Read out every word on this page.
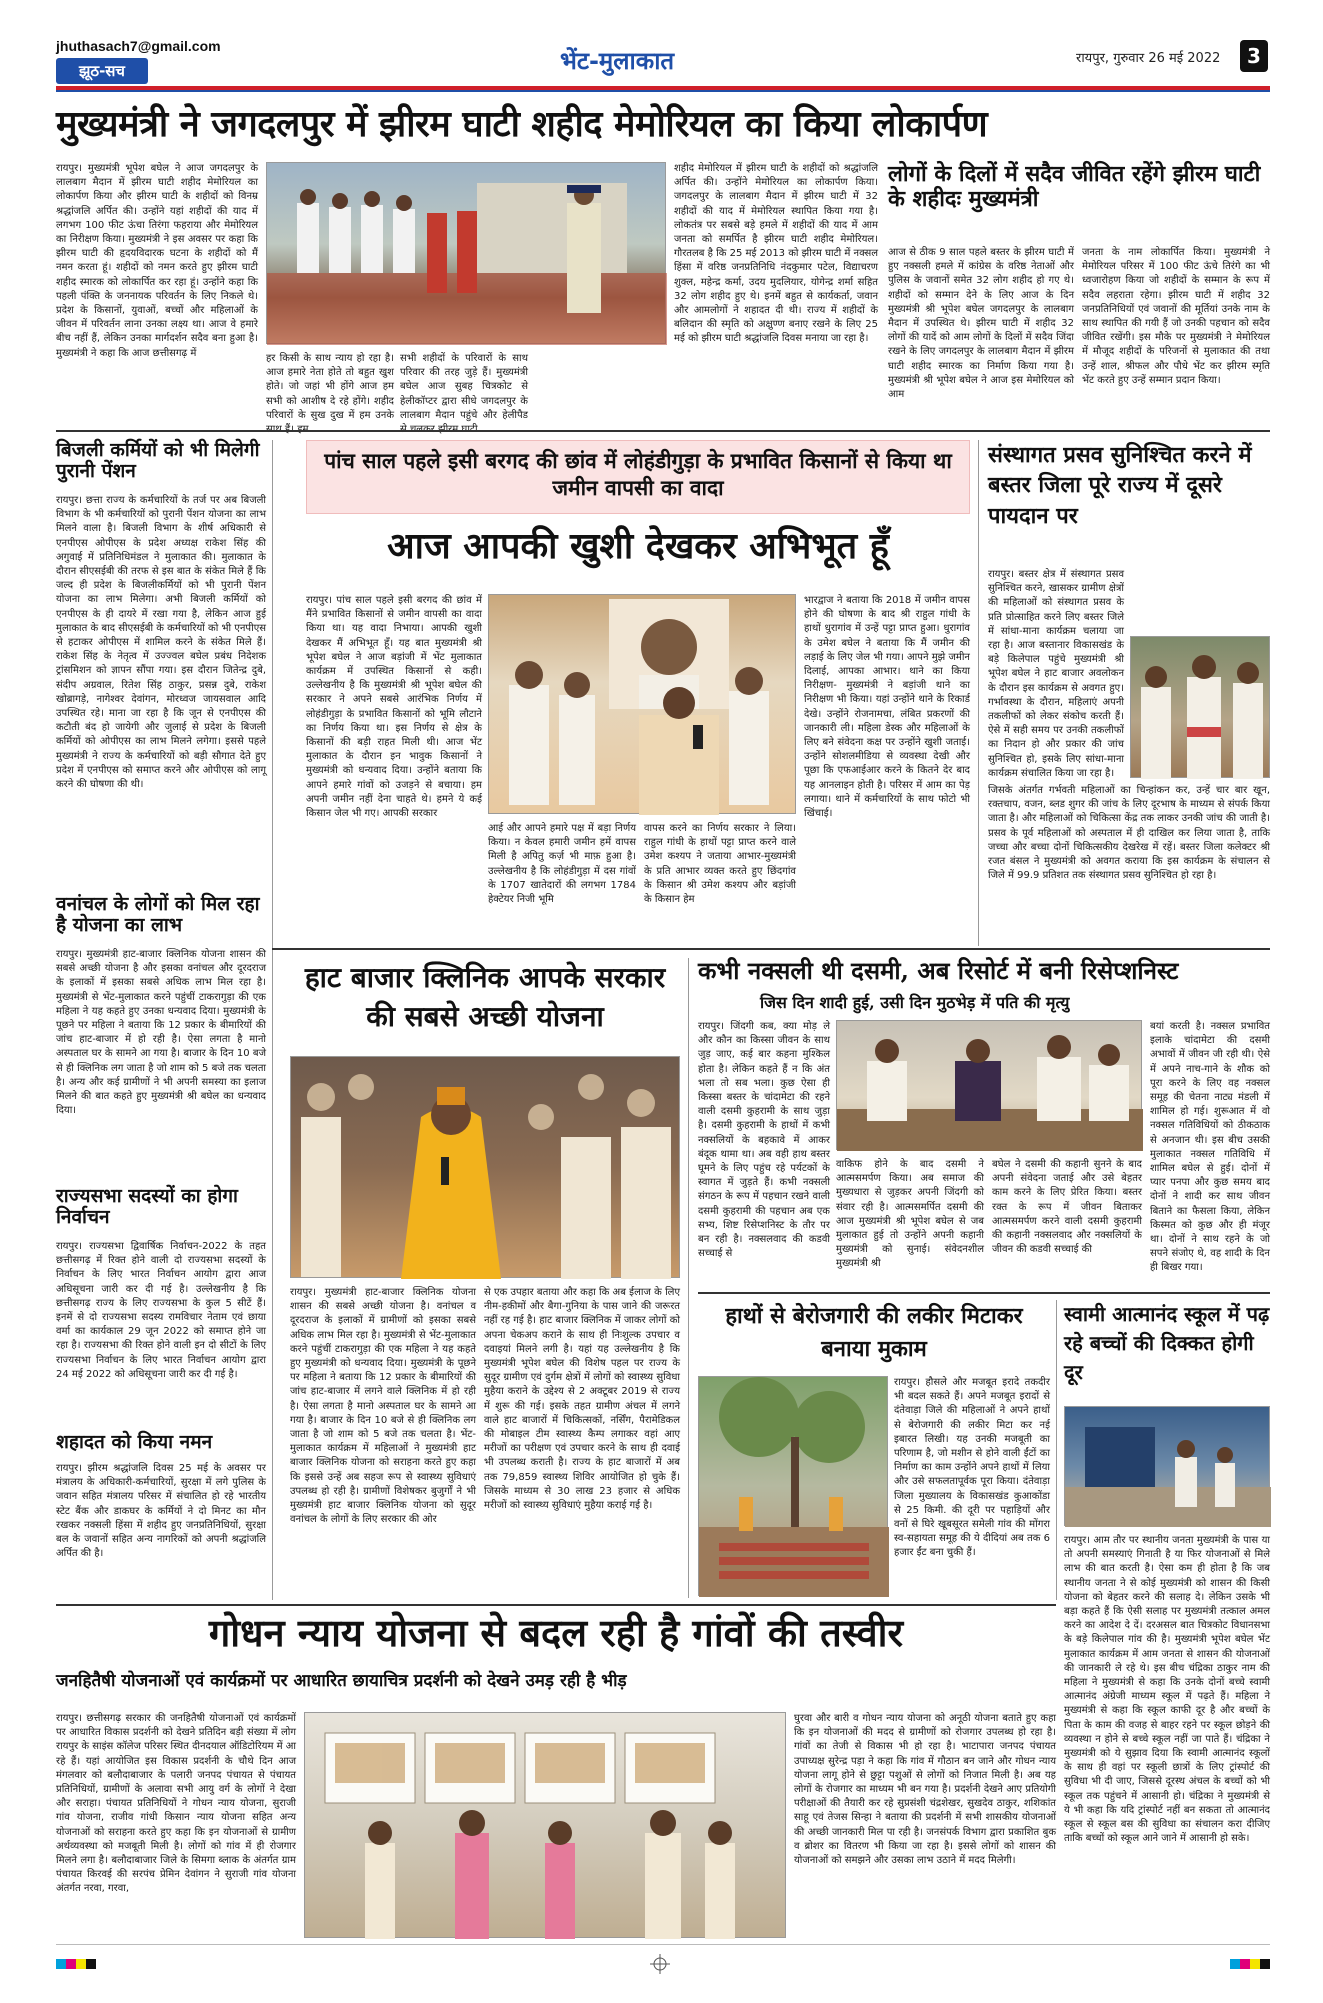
jhuthasach7@gmail.com
झूठ-सच	भेंट-मुलाकात	रायपुर, गुरुवार 26 मई 2022	3
मुख्यमंत्री ने जगदलपुर में झीरम घाटी शहीद मेमोरियल का किया लोकार्पण
रायपुर। मुख्यमंत्री भूपेश बघेल ने आज जगदलपुर के लालबाग मैदान में झीरम घाटी शहीद मेमोरियल का लोकार्पण किया और झीरम घाटी के शहीदों को विनम्र श्रद्धांजलि अर्पित की। उन्होंने यहां शहीदों की याद में लगभग 100 फीट ऊंचा तिरंगा फहराया और मेमोरियल का निरीक्षण किया। मुख्यमंत्री ने इस अवसर पर कहा कि झीरम घाटी की हृदयविदारक घटना के शहीदों को मैं नमन करता हूं। शहीदों को नमन करते हुए झीरम घाटी शहीद स्मारक को लोकार्पित कर रहा हूं। उन्होंने कहा कि पहली पंक्ति के जननायक परिवर्तन के लिए निकले थे। प्रदेश के किसानों, युवाओं, बच्चों और महिलाओं के जीवन में परिवर्तन लाना उनका लक्ष्य था। आज वे हमारे बीच नहीं हैं, लेकिन उनका मार्गदर्शन सदैव बना हुआ है। मुख्यमंत्री ने कहा कि आज छत्तीसगढ़ में	हर किसी के साथ न्याय हो रहा है। आज हमारे नेता होते तो बहुत खुश होते। जो जहां भी होंगे आज हम सभी को आशीष दे रहे होंगे। शहीद परिवारों के सुख दुख में हम उनके
सभी शहीदों के परिवारों के साथ परिवार की तरह जुड़े हैं। मुख्यमंत्री बघेल आज सुबह चित्रकोट से हेलीकॉप्टर द्वारा सीधे जगदलपुर के लालबाग मैदान पहुंचे और हेलीपैड
शहीद मेमोरियल में झीरम घाटी के शहीदों को श्रद्धांजलि अर्पित की। उन्होंने मेमोरियल का लोकार्पण किया। जगदलपुर के लालबाग मैदान में झीरम घाटी में 32 शहीदों की याद में मेमोरियल स्थापित किया गया है। लोकतंत्र पर सबसे बड़े हमले में शहीदों की याद में आम जनता को समर्पित है झीरम घाटी शहीद मेमोरियल। गौरतलब है कि 25 मई 2013 को झीरम घाटी में नक्सल हिंसा में वरिष्ठ जनप्रतिनिधि नंदकुमार पटेल, विद्याचरण शुक्ल, महेन्द्र कर्मा, उदय मुदलियार, योगेन्द्र शर्मा सहित 32 लोग शहीद हुए थे। इनमें बहुत से कार्यकर्ता, जवान और आमलोगों ने शहादत दी थी। राज्य में शहीदों के बलिदान की स्मृति को अक्षुण्ण बनाए रखने के लिए 25 मई को झीरम घाटी श्रद्धांजलि दिवस मनाया जा रहा है।
लोगों के दिलों में सदैव जीवित रहेंगे झीरम घाटी के शहीदः मुख्यमंत्री
आज से ठीक 9 साल पहले बस्तर के झीरम घाटी में हुए नक्सली हमले में कांग्रेस के वरिष्ठ नेताओं और पुलिस के जवानों समेत 32 लोग शहीद हो गए थे। शहीदों को सम्मान देने के लिए आज के दिन मुख्यमंत्री श्री भूपेश बघेल जगदलपुर के लालबाग मैदान में उपस्थित थे। झीरम घाटी में शहीद 32 लोगों की यादें को आम लोगों के दिलों में सदैव जिंदा रखने के लिए जगदलपुर के लालबाग मैदान में झीरम घाटी शहीद स्मारक का निर्माण किया गया है। मुख्यमंत्री श्री भूपेश बघेल ने आज इस मेमोरियल को आम
जनता के नाम लोकार्पित किया। मुख्यमंत्री ने मेमोरियल परिसर में 100 फीट ऊंचे तिरंगे का भी ध्वजारोहण किया जो शहीदों के सम्मान के रूप में सदैव लहराता रहेगा। झीरम घाटी में शहीद 32 जनप्रतिनिधियों एवं जवानों की मूर्तियां उनके नाम के साथ स्थापित की गयी हैं जो उनकी पहचान को सदैव जीवित रखेंगी। इस मौके पर मुख्यमंत्री ने मेमोरियल में मौजूद शहीदों के परिजनों से मुलाकात की तथा उन्हें शाल, श्रीफल और पौधे भेंट कर झीरम स्मृति भेंट करते हुए उन्हें सम्मान प्रदान किया।
बिजली कर्मियों को भी मिलेगी पुरानी पेंशन
रायपुर। छत्ता राज्य के कर्मचारियों के तर्ज पर अब बिजली विभाग के भी कर्मचारियों को पुरानी पेंशन योजना का लाभ मिलने वाला है। बिजली विभाग के शीर्ष अधिकारी से एनपीएस ओपीएस के प्रदेश अध्यक्ष राकेश सिंह की अगुवाई में प्रतिनिधिमंडल ने मुलाकात की। मुलाकात के दौरान सीएसईबी की तरफ से इस बात के संकेत मिले हैं कि जल्द ही प्रदेश के बिजलीकर्मियों को भी पुरानी पेंशन योजना का लाभ मिलेगा। अभी बिजली कर्मियों को एनपीएस के ही दायरे में रखा गया है, लेकिन आज हुई मुलाकात के बाद सीएसईबी के कर्मचारियों को भी एनपीएस से हटाकर ओपीएस में शामिल करने के संकेत मिले हैं। राकेश सिंह के नेतृत्व में उज्ज्वल बघेल प्रबंध निदेशक ट्रांसमिशन को ज्ञापन सौंपा गया। इस दौरान जितेन्द्र दुबे, संदीप अग्रवाल, रितेश सिंह ठाकुर, प्रसन्न दुबे, राकेश खोब्रागड़े, नागेश्वर देवांगन, मोरध्वज जायसवाल आदि उपस्थित रहे। माना जा रहा है कि जून से एनपीएस की कटौती बंद हो जायेगी और जुलाई से प्रदेश के बिजली कर्मियों को ओपीएस का लाभ मिलने लगेगा। इससे पहले मुख्यमंत्री ने राज्य के कर्मचारियों को बड़ी सौगात देते हुए प्रदेश में एनपीएस को समाप्त करने और ओपीएस को लागू करने की घोषणा की थी।
वनांचल के लोगों को मिल रहा है योजना का लाभ
रायपुर। मुख्यमंत्री हाट-बाजार क्लिनिक योजना शासन की सबसे अच्छी योजना है और इसका वनांचल और दूरदराज के इलाकों में इसका सबसे अधिक लाभ मिल रहा है। मुख्यमंत्री से भेंट-मुलाकात करने पहुंचीं टाकरागुड़ा की एक महिला ने यह कहते हुए उनका धन्यवाद दिया। मुख्यमंत्री के पूछने पर महिला ने बताया कि 12 प्रकार के बीमारियों की जांच हाट-बाजार में हो रही है। ऐसा लगता है मानो अस्पताल घर के सामने आ गया है। बाजार के दिन 10 बजे से ही क्लिनिक लग जाता है जो शाम को 5 बजे तक चलता है। अन्य और कई ग्रामीणों ने भी अपनी समस्या का इलाज मिलने की बात कहते हुए मुख्यमंत्री श्री बघेल का धन्यवाद दिया।
राज्यसभा सदस्यों का होगा निर्वाचन
रायपुर। राज्यसभा द्विवार्षिक निर्वाचन-2022 के तहत छत्तीसगढ़ में रिक्त होने वाली दो राज्यसभा सदस्यों के निर्वाचन के लिए भारत निर्वाचन आयोग द्वारा आज अधिसूचना जारी कर दी गई है। उल्लेखनीय है कि छत्तीसगढ़ राज्य के लिए राज्यसभा के कुल 5 सीटें हैं। इनमें से दो राज्यसभा सदस्य रामविचार नेताम एवं छाया वर्मा का कार्यकाल 29 जून 2022 को समाप्त होने जा रहा है। राज्यसभा की रिक्त होने वाली इन दो सीटों के लिए राज्यसभा निर्वाचन के लिए भारत निर्वाचन आयोग द्वारा 24 मई 2022 को अधिसूचना जारी कर दी गई है।
शहादत को किया नमन
रायपुर। झीरम श्रद्धांजलि दिवस 25 मई के अवसर पर मंत्रालय के अधिकारी-कर्मचारियों, सुरक्षा में लगे पुलिस के जवान सहित मंत्रालय परिसर में संचालित हो रहे भारतीय स्टेट बैंक और डाकघर के कर्मियों ने दो मिनट का मौन रखकर नक्सली हिंसा में शहीद हुए जनप्रतिनिधियों, सुरक्षा बल के जवानों सहित अन्य नागरिकों को अपनी श्रद्धांजलि अर्पित की है।
पांच साल पहले इसी बरगद की छांव में लोहंडीगुड़ा के प्रभावित किसानों से किया था जमीन वापसी का वादा
आज आपकी खुशी देखकर अभिभूत हूँ
रायपुर। पांच साल पहले इसी बरगद की छांव में मैंने प्रभावित किसानों से जमीन वापसी का वादा किया था। यह वादा निभाया। आपकी खुशी देखकर मैं अभिभूत हूँ। यह बात मुख्यमंत्री श्री भूपेश बघेल ने आज बड़ांजी में भेंट मुलाकात कार्यक्रम में उपस्थित किसानों से कही। उल्लेखनीय है कि मुख्यमंत्री श्री भूपेश बघेल की सरकार ने अपने सबसे आरंभिक निर्णय में लोहंडीगुड़ा के प्रभावित किसानों को भूमि लौटाने का निर्णय किया था। इस निर्णय से क्षेत्र के किसानों की बड़ी राहत मिली थी। आज भेंट मुलाकात के दौरान इन भावुक किसानों ने मुख्यमंत्री को धन्यवाद दिया। उन्होंने बताया कि आपने हमारे गांवों को उजड़ने से बचाया। हम अपनी जमीन नहीं देना चाहते थे। हमने ये कई किसान जेल भी गए। आपकी सरकार
आई और आपने हमारे पक्ष में बड़ा निर्णय किया। न केवल हमारी जमीन हमें वापस मिली है अपितु कर्ज़ भी माफ़ हुआ है। उल्लेखनीय है कि लोहंडीगुड़ा में दस गांवों के 1707 खातेदारों की लगभग 1784 हेक्टेयर निजी भूमि
वापस करने का निर्णय सरकार ने लिया। राहुल गांधी के हाथों पट्टा प्राप्त करने वाले उमेश कश्यप ने जताया आभार-मुख्यमंत्री के प्रति आभार व्यक्त करते हुए छिंदगांव के किसान श्री उमेश कश्यप और बड़ांजी के किसान हेम
भारद्वाज ने बताया कि 2018 में जमीन वापस होने की घोषणा के बाद श्री राहुल गांधी के हाथों धुरागांव में उन्हें पट्टा प्राप्त हुआ। धुरागांव के उमेश बघेल ने बताया कि मैं जमीन की लड़ाई के लिए जेल भी गया। आपने मुझे जमीन दिलाई, आपका आभार। थाने का किया निरीक्षण- मुख्यमंत्री ने बड़ांजी थाने का निरीक्षण भी किया। यहां उन्होंने थाने के रिकार्ड देखे। उन्होंने रोजनामचा, लंबित प्रकरणों की जानकारी ली। महिला डेस्क और महिलाओं के लिए बने संवेदना कक्ष पर उन्होंने खुशी जताई। उन्होंने सोशलमीडिया से व्यवस्था देखी और पूछा कि एफआईआर करने के कितने देर बाद यह आनलाइन होती है। परिसर में आम का पेड़ लगाया। थाने में कर्मचारियों के साथ फोटो भी खिंचाई।
संस्थागत प्रसव सुनिश्चित करने में बस्तर जिला पूरे राज्य में दूसरे पायदान पर
रायपुर। बस्तर क्षेत्र में संस्थागत प्रसव सुनिश्चित करने, खासकर ग्रामीण क्षेत्रों की महिलाओं को संस्थागत प्रसव के प्रति प्रोत्साहित करने लिए बस्तर जिले में सांधा-माना कार्यक्रम चलाया जा रहा है। आज बस्तानार विकासखंड के बड़े किलेपाल पहुंचे मुख्यमंत्री श्री भूपेश बघेल ने हाट बाजार अवलोकन के दौरान इस कार्यक्रम से अवगत हुए। गर्भावस्था के दौरान, महिलाएं अपनी तकलीफों को लेकर संकोच करती हैं। ऐसे में सही समय पर उनकी तकलीफों का निदान हो और प्रकार की जांच सुनिश्चित हो, इसके लिए सांधा-माना कार्यक्रम संचालित किया जा रहा है।
जिसके अंतर्गत गर्भवती महिलाओं का चिन्हांकन कर, उन्हें चार बार खून, रक्तचाप, वजन, ब्लड शुगर की जांच के लिए दूरभाष के माध्यम से संपर्क किया जाता है। और महिलाओं को चिकित्सा केंद्र तक लाकर उनकी जांच की जाती है। प्रसव के पूर्व महिलाओं को अस्पताल में ही दाखिल कर लिया जाता है, ताकि जच्चा और बच्चा दोनों चिकित्सकीय देखरेख में रहें। बस्तर जिला कलेक्टर श्री रजत बंसल ने मुख्यमंत्री को अवगत कराया कि इस कार्यक्रम के संचालन से जिले में 99.9 प्रतिशत तक संस्थागत प्रसव सुनिश्चित हो रहा है।
हाट बाजार क्लिनिक आपके सरकार की सबसे अच्छी योजना
रायपुर। मुख्यमंत्री हाट-बाजार क्लिनिक योजना शासन की सबसे अच्छी योजना है। वनांचल व दूरदराज के इलाकों में ग्रामीणों को इसका सबसे अधिक लाभ मिल रहा है। मुख्यमंत्री से भेंट-मुलाकात करने पहुंचीं टाकरागुड़ा की एक महिला ने यह कहते हुए मुख्यमंत्री को धन्यवाद दिया। मुख्यमंत्री के पूछने पर महिला ने बताया कि 12 प्रकार के बीमारियों की जांच हाट-बाजार में लगने वाले क्लिनिक में हो रही है। ऐसा लगता है मानो अस्पताल घर के सामने आ गया है। बाजार के दिन 10 बजे से ही क्लिनिक लग जाता है जो शाम को 5 बजे तक चलता है। भेंट-मुलाकात कार्यक्रम में महिलाओं ने मुख्यमंत्री हाट बाजार क्लिनिक योजना को सराहना करते हुए कहा कि इससे उन्हें अब सहज रूप से स्वास्थ्य सुविधाएं उपलब्ध हो रही है। ग्रामीणों विशेषकर बुजुर्गों ने भी मुख्यमंत्री हाट बाजार क्लिनिक योजना को सुदूर वनांचल के लोगों के लिए सरकार की ओर
से एक उपहार बताया और कहा कि अब ईलाज के लिए नीम-हकीमों और बैगा-गुनिया के पास जाने की जरूरत नहीं रह गई है। हाट बाजार क्लिनिक में जाकर लोगों को अपना चेकअप कराने के साथ ही निःशुल्क उपचार व दवाइयां मिलने लगी है। यहां यह उल्लेखनीय है कि मुख्यमंत्री भूपेश बघेल की विशेष पहल पर राज्य के सुदूर ग्रामीण एवं दुर्गम क्षेत्रों में लोगों को स्वास्थ्य सुविधा मुहैया कराने के उद्देश्य से 2 अक्टूबर 2019 से राज्य में शुरू की गई। इसके तहत ग्रामीण अंचल में लगने वाले हाट बाजारों में चिकित्सकों, नर्सिंग, पैरामेडिकल की मोबाइल टीम स्वास्थ्य कैम्प लगाकर वहां आए मरीजों का परीक्षण एवं उपचार करने के साथ ही दवाई भी उपलब्ध कराती है। राज्य के हाट बाजारों में अब तक 79,859 स्वास्थ्य शिविर आयोजित हो चुके हैं। जिसके माध्यम से 30 लाख 23 हजार से अधिक मरीजों को स्वास्थ्य सुविधाएं मुहैया कराई गई है।
कभी नक्सली थी दसमी, अब रिसोर्ट में बनी रिसेप्शनिस्ट
जिस दिन शादी हुई, उसी दिन मुठभेड़ में पति की मृत्यु
रायपुर। जिंदगी कब, क्या मोड़ ले और कौन का किस्सा जीवन के साथ जुड़ जाए, कई बार कहना मुश्किल होता है। लेकिन कहते हैं न कि अंत भला तो सब भला। कुछ ऐसा ही किस्सा बस्तर के चांदामेटा की रहने वाली दसमी कुहरामी के साथ जुड़ा है। दसमी कुहरामी के हाथों में कभी नक्सलियों के बहकावे में आकर बंदूक थामा था। अब वही हाथ बस्तर घूमने के लिए पहुंच रहे पर्यटकों के स्वागत में जुड़ते हैं। कभी नक्सली संगठन के रूप में पहचान रखने वाली दसमी कुहरामी की पहचान अब एक सभ्य, शिष्ट रिसेप्शनिस्ट के तौर पर बन रही है। नक्सलवाद की कडवी सच्चाई से
वाकिफ होने के बाद दसमी ने आत्मसमर्पण किया। अब समाज की मुख्यधारा से जुड़कर अपनी जिंदगी को संवार रही है। आत्मसमर्पित दसमी की आज मुख्यमंत्री श्री भूपेश बघेल से जब मुलाकात हुई तो उन्होंने अपनी कहानी मुख्यमंत्री को सुनाई। संवेदनशील मुख्यमंत्री श्री
बघेल ने दसमी की कहानी सुनने के बाद अपनी संवेदना जताई और उसे बेहतर काम करने के लिए प्रेरित किया। बस्तर रक्त के रूप में जीवन बिताकर आत्मसमर्पण करने वाली दसमी कुहरामी की कहानी नक्सलवाद और नक्सलियों के जीवन की कडवी सच्चाई की
बयां करती है। नक्सल प्रभावित इलाके चांदामेटा की दसमी अभावों में जीवन जी रही थी। ऐसे में अपने नाच-गाने के शौक को पूरा करने के लिए वह नक्सल समूह की चेतना नाट्य मंडली में शामिल हो गई। शुरूआत में वो नक्सल गतिविधियों को ठीकठाक से अनजान थी। इस बीच उसकी मुलाकात नक्सल गतिविधि में शामिल बघेल से हुई। दोनों में प्यार पनपा और कुछ समय बाद दोनों ने शादी कर साथ जीवन बिताने का फैसला किया, लेकिन किस्मत को कुछ और ही मंजूर था। दोनों ने साथ रहने के जो सपने संजोए थे, वह शादी के दिन ही बिखर गया।
हाथों से बेरोजगारी की लकीर मिटाकर बनाया मुकाम
रायपुर। हौसले और मजबूत इरादे तकदीर भी बदल सकते हैं। अपने मजबूत इरादों से दंतेवाड़ा जिले की महिलाओं ने अपने हाथों से बेरोजगारी की लकीर मिटा कर नई इबारत लिखी। यह उनकी मजबूती का परिणाम है, जो मशीन से होने वाली ईंटों का निर्माण का काम उन्होंने अपने हाथों में लिया और उसे सफलतापूर्वक पूरा किया। दंतेवाड़ा जिला मुख्यालय के विकासखंड कुआकोंडा से 25 किमी. की दूरी पर पहाड़ियों और वनों से घिरे खूबसूरत समेली गांव की मोंगरा स्व-सहायता समूह की ये दीदियां अब तक 6 हजार ईंट बना चुकी हैं।
स्वामी आत्मानंद स्कूल में पढ़ रहे बच्चों की दिक्कत होगी दूर
रायपुर। आम तौर पर स्थानीय जनता मुख्यमंत्री के पास या तो अपनी समस्याएं गिनाती है या फिर योजनाओं से मिले लाभ की बात करती है। ऐसा कम ही होता है कि जब स्थानीय जनता ने से कोई मुख्यमंत्री को शासन की किसी योजना को बेहतर करने की सलाह दे। लेकिन उसके भी बड़ा कहते हैं कि ऐसी सलाह पर मुख्यमंत्री तत्काल अमल करने का आदेश दे दें। दरअसल बात चित्रकोट विधानसभा के बड़े किलेपाल गांव की है। मुख्यमंत्री भूपेश बघेल भेंट मुलाकात कार्यक्रम में आम जनता से शासन की योजनाओं की जानकारी ले रहे थे। इस बीच चंद्रिका ठाकुर नाम की महिला ने मुख्यमंत्री से कहा कि उनके दोनों बच्चे स्वामी आत्मानंद अंग्रेजी माध्यम स्कूल में पढ़ते हैं। महिला ने मुख्यमंत्री से कहा कि स्कूल काफी दूर है और बच्चों के पिता के काम की वजह से बाहर रहने पर स्कूल छोड़ने की व्यवस्था न होने से बच्चे स्कूल नहीं जा पाते हैं। चंद्रिका ने मुख्यमंत्री को ये सुझाव दिया कि स्वामी आत्मानंद स्कूलों के साथ ही वहां पर स्कूली छात्रों के लिए ट्रांस्पोर्ट की सुविधा भी दी जाए, जिससे दूरस्थ अंचल के बच्चों को भी स्कूल तक पहुंचने में आसानी हो। चंद्रिका ने मुख्यमंत्री से ये भी कहा कि यदि ट्रांस्पोर्ट नहीं बन सकता तो आत्मानंद स्कूल से स्कूल बस की सुविधा का संचालन करा दीजिए ताकि बच्चों को स्कूल आने जाने में आसानी हो सके।
गोधन न्याय योजना से बदल रही है गांवों की तस्वीर
जनहितैषी योजनाओं एवं कार्यक्रमों पर आधारित छायाचित्र प्रदर्शनी को देखने उमड़ रही है भीड़
रायपुर। छत्तीसगढ़ सरकार की जनहितैषी योजनाओं एवं कार्यक्रमों पर आधारित विकास प्रदर्शनी को देखने प्रतिदिन बड़ी संख्या में लोग रायपुर के साइंस कॉलेज परिसर स्थित दीनदयाल ऑडिटोरियम में आ रहे हैं। यहां आयोजित इस विकास प्रदर्शनी के चौथे दिन आज मंगलवार को बलौदाबाजार के पलारी जनपद पंचायत से पंचायत प्रतिनिधियों, ग्रामीणों के अलावा सभी आयु वर्ग के लोगों ने देखा और सराहा। पंचायत प्रतिनिधियों ने गोधन न्याय योजना, सुराजी गांव योजना, राजीव गांधी किसान न्याय योजना सहित अन्य योजनाओं को सराहना करते हुए कहा कि इन योजनाओं से ग्रामीण अर्थव्यवस्था को मजबूती मिली है। लोगों को गांव में ही रोजगार मिलने लगा है। बलौदाबाजार जिले के सिमगा ब्लाक के अंतर्गत ग्राम पंचायत किरवई की सरपंच प्रेमिन देवांगन ने सुराजी गांव योजना अंतर्गत नरवा, गरवा,
घुरवा और बारी व गोधन न्याय योजना को अनूठी योजना बताते हुए कहा कि इन योजनाओं की मदद से ग्रामीणों को रोजगार उपलब्ध हो रहा है। गांवों का तेजी से विकास भी हो रहा है। भाटापारा जनपद पंचायत उपाध्यक्ष सुरेन्द्र पड़ा ने कहा कि गांव में गौठान बन जाने और गोधन न्याय योजना लागू होने से छुट्टा पशुओं से लोगों को निजात मिली है। अब यह लोगों के रोजगार का माध्यम भी बन गया है। प्रदर्शनी देखने आए प्रतियोगी परीक्षाओं की तैयारी कर रहे सुप्रसंशी चंद्रशेखर, सुखदेव ठाकुर, शशिकांत साहू एवं तेजस सिन्हा ने बताया की प्रदर्शनी में सभी शासकीय योजनाओं की अच्छी जानकारी मिल पा रही है। जनसंपर्क विभाग द्वारा प्रकाशित बुक व ब्रोशर का वितरण भी किया जा रहा है। इससे लोगों को शासन की योजनाओं को समझने और उसका लाभ उठाने में मदद मिलेगी।
